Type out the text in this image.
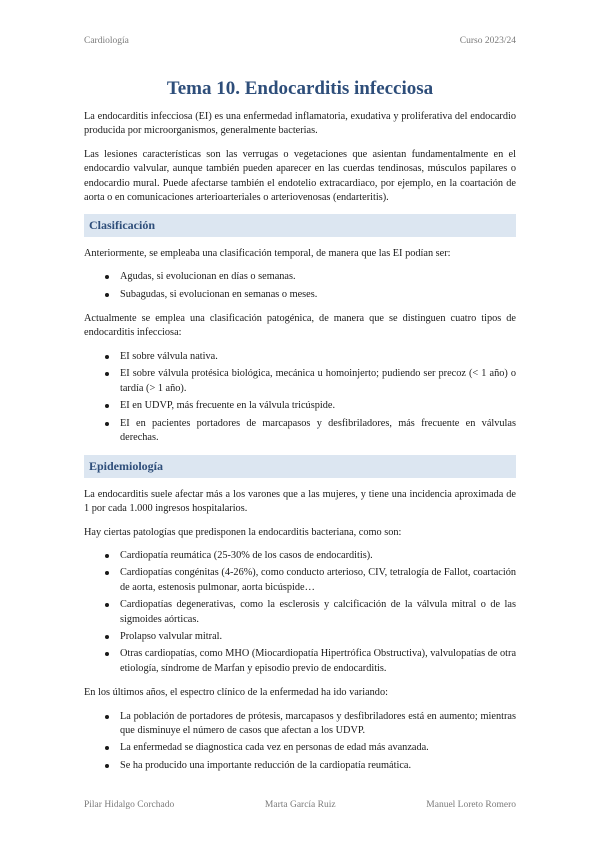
Cardiología	Curso 2023/24
Tema 10. Endocarditis infecciosa

La endocarditis infecciosa (EI) es una enfermedad inflamatoria, exudativa y proliferativa del endocardio producida por microorganismos, generalmente bacterias.

Las lesiones características son las verrugas o vegetaciones que asientan fundamentalmente en el endocardio valvular, aunque también pueden aparecer en las cuerdas tendinosas, músculos papilares o endocardio mural. Puede afectarse también el endotelio extracardiaco, por ejemplo, en la coartación de aorta o en comunicaciones arterioarteriales o arteriovenosas (endarteritis).

Clasificación

Anteriormente, se empleaba una clasificación temporal, de manera que las EI podían ser:

Agudas, si evolucionan en días o semanas.
Subagudas, si evolucionan en semanas o meses.

Actualmente se emplea una clasificación patogénica, de manera que se distinguen cuatro tipos de endocarditis infecciosa:

EI sobre válvula nativa.
EI sobre válvula protésica biológica, mecánica u homoinjerto; pudiendo ser precoz (< 1 año) o tardía (> 1 año).
EI en UDVP, más frecuente en la válvula tricúspide.
EI en pacientes portadores de marcapasos y desfibriladores, más frecuente en válvulas derechas.
Epidemiología

La endocarditis suele afectar más a los varones que a las mujeres, y tiene una incidencia aproximada de 1 por cada 1.000 ingresos hospitalarios.

Hay ciertas patologías que predisponen la endocarditis bacteriana, como son:

Cardiopatía reumática (25-30% de los casos de endocarditis).
Cardiopatías congénitas (4-26%), como conducto arterioso, CIV, tetralogía de Fallot, coartación de aorta, estenosis pulmonar, aorta bicúspide…
Cardiopatías degenerativas, como la esclerosis y calcificación de la válvula mitral o de las sigmoides aórticas.
Prolapso valvular mitral.
Otras cardiopatías, como MHO (Miocardiopatía Hipertrófica Obstructiva), valvulopatías de otra etiología, síndrome de Marfan y episodio previo de endocarditis.

En los últimos años, el espectro clínico de la enfermedad ha ido variando:

La población de portadores de prótesis, marcapasos y desfibriladores está en aumento; mientras que disminuye el número de casos que afectan a los UDVP.
La enfermedad se diagnostica cada vez en personas de edad más avanzada.
Se ha producido una importante reducción de la cardiopatía reumática.
Pilar Hidalgo Corchado	Marta García Ruiz	Manuel Loreto Romero
